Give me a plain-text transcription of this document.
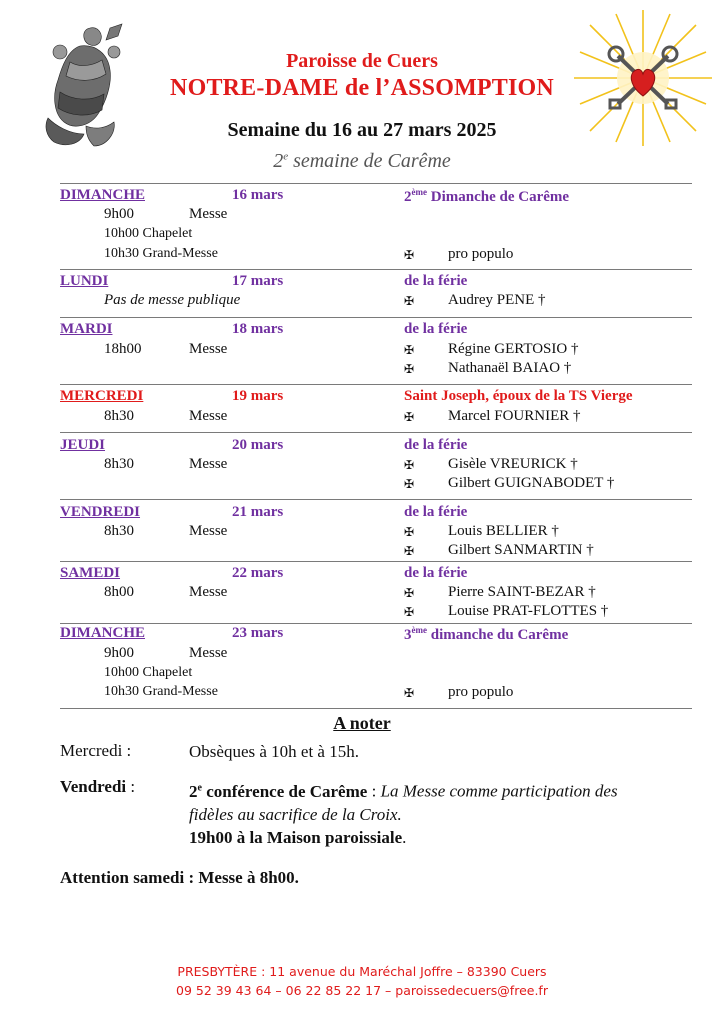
Paroisse de Cuers
NOTRE-DAME de l’ASSOMPTION
Semaine du 16 au 27 mars 2025
2e semaine de Carême
DIMANCHE	16 mars	2ème Dimanche de Carême
9h00	Messe
10h00 Chapelet
10h30 Grand-Messe	✠ pro populo
LUNDI	17 mars	de la férie
Pas de messe publique	✠ Audrey PENE †
MARDI	18 mars	de la férie
18h00	Messe	✠ Régine GERTOSIO †
✠ Nathanaël BAIAO †
MERCREDI	19 mars	Saint Joseph, époux de la TS Vierge
8h30	Messe	✠ Marcel FOURNIER †
JEUDI	20 mars	de la férie
8h30	Messe	✠ Gisèle VREURICK †
✠ Gilbert GUIGNABODET †
VENDREDI	21 mars	de la férie
8h30	Messe	✠ Louis BELLIER †
✠ Gilbert SANMARTIN †
SAMEDI	22 mars	de la férie
8h00	Messe	✠ Pierre SAINT-BEZAR †
✠ Louise PRAT-FLOTTES †
DIMANCHE	23 mars	3ème dimanche du Carême
9h00	Messe
10h00 Chapelet
10h30 Grand-Messe	✠ pro populo
A noter
Mercredi :	Obsèques à 10h et à 15h.
Vendredi :	2e conférence de Carême : La Messe comme participation des
fidèles au sacrifice de la Croix.
19h00 à la Maison paroissiale.
Attention samedi : Messe à 8h00.
PRESBYTÈRE : 11 avenue du Maréchal Joffre – 83390 Cuers
09 52 39 43 64 – 06 22 85 22 17 – paroissedecuers@free.fr
